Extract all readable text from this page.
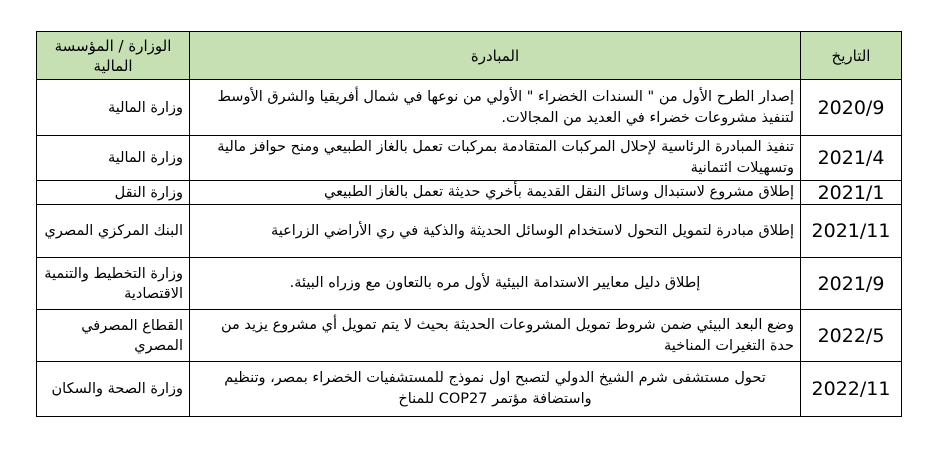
التاريخ	المبادرة	الوزارة / المؤسسة المالية
2020/9	إصدار الطرح الأول من " السندات الخضراء " الأولي من نوعها في شمال أفريقيا والشرق الأوسط لتنفيذ مشروعات خضراء في العديد من المجالات.	وزارة المالية
2021/4	تنفيذ المبادرة الرئاسية لإحلال المركبات المتقادمة بمركبات تعمل بالغاز الطبيعي ومنح حوافز مالية وتسهيلات ائتمانية	وزارة المالية
2021/1	إطلاق مشروع لاستبدال وسائل النقل القديمة بأخري حديثة تعمل بالغاز الطبيعي	وزارة النقل
2021/11	إطلاق مبادرة لتمويل التحول لاستخدام الوسائل الحديثة والذكية في ري الأراضي الزراعية	البنك المركزي المصري
2021/9	إطلاق دليل معايير الاستدامة البيئية لأول مره بالتعاون مع وزراه البيئة.	وزارة التخطيط والتنمية الاقتصادية
2022/5	وضع البعد البيئي ضمن شروط تمويل المشروعات الحديثة بحيث لا يتم تمويل أي مشروع يزيد من حدة التغيرات المناخية	القطاع المصرفي المصري
2022/11	تحول مستشفى شرم الشيخ الدولي لتصبح اول نموذج للمستشفيات الخضراء بمصر، وتنظيم واستضافة مؤتمر COP27 للمناخ	وزارة الصحة والسكان
